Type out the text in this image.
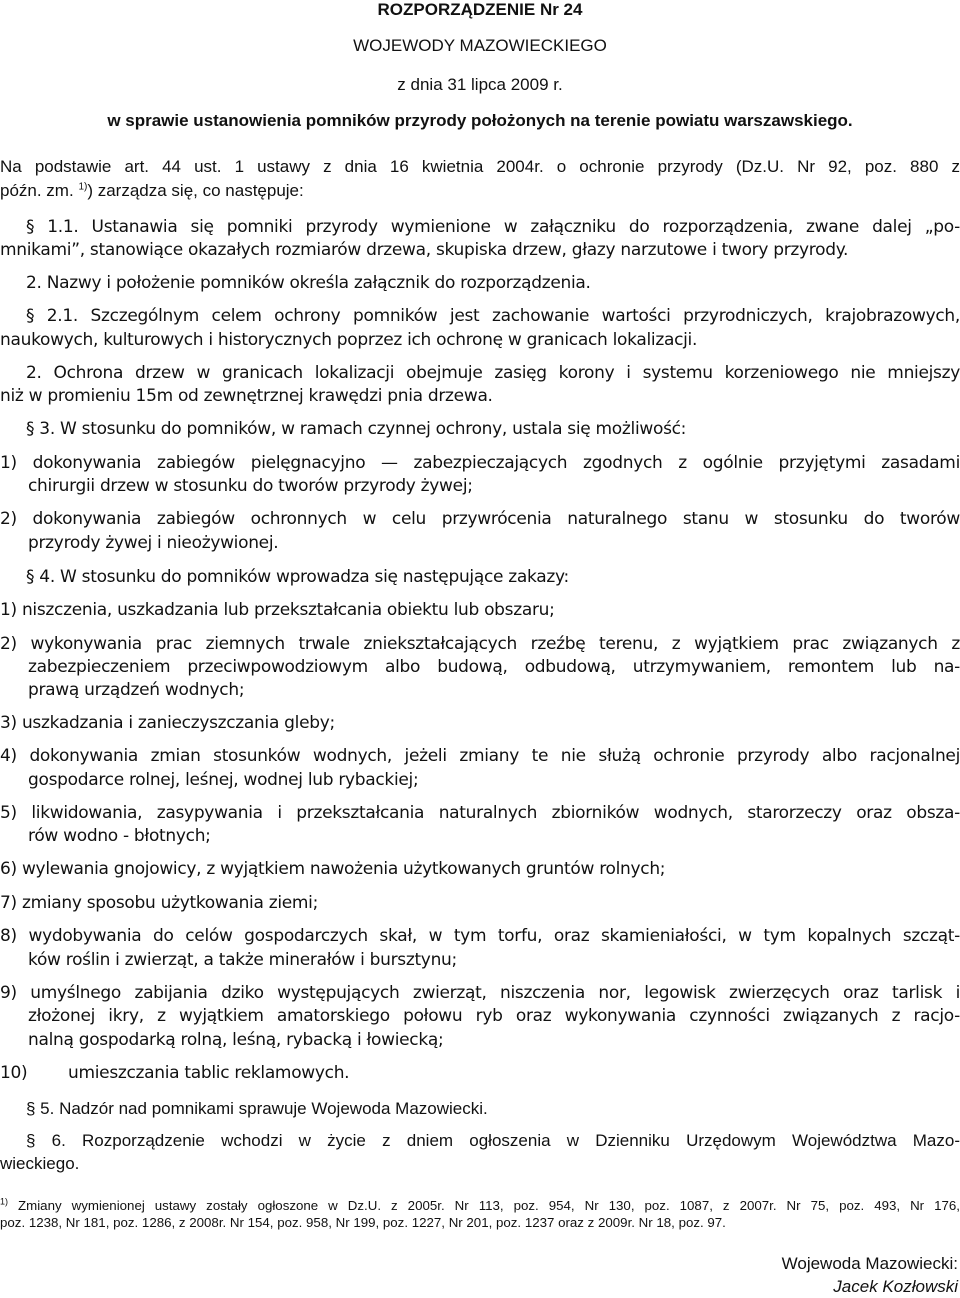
ROZPORZĄDZENIE Nr 24
WOJEWODY MAZOWIECKIEGO
z dnia 31 lipca 2009 r.
w sprawie ustanowienia pomników przyrody położonych na terenie powiatu warszawskiego.
Na podstawie art. 44 ust. 1 ustawy z dnia 16 kwietnia 2004r. o ochronie przyrody (Dz.U. Nr 92, poz. 880 z
późn. zm. $^{1)}$) zarządza się, co następuje:
§ 1.1. Ustanawia się pomniki przyrody wymienione w załączniku do rozporządzenia, zwane dalej „po-
mnikami”, stanowiące okazałych rozmiarów drzewa, skupiska drzew, głazy narzutowe i twory przyrody.
2. Nazwy i położenie pomników określa załącznik do rozporządzenia.
§ 2.1. Szczególnym celem ochrony pomników jest zachowanie wartości przyrodniczych, krajobrazowych,
naukowych, kulturowych i historycznych poprzez ich ochronę w granicach lokalizacji.
2. Ochrona drzew w granicach lokalizacji obejmuje zasięg korony i systemu korzeniowego nie mniejszy
niż w promieniu 15m od zewnętrznej krawędzi pnia drzewa.
§ 3. W stosunku do pomników, w ramach czynnej ochrony, ustala się możliwość:
1) dokonywania zabiegów pielęgnacyjno — zabezpieczających zgodnych z ogólnie przyjętymi zasadami
chirurgii drzew w stosunku do tworów przyrody żywej;
2) dokonywania zabiegów ochronnych w celu przywrócenia naturalnego stanu w stosunku do tworów
przyrody żywej i nieożywionej.
§ 4. W stosunku do pomników wprowadza się następujące zakazy:
1) niszczenia, uszkadzania lub przekształcania obiektu lub obszaru;
2) wykonywania prac ziemnych trwale zniekształcających rzeźbę terenu, z wyjątkiem prac związanych z
zabezpieczeniem przeciwpowodziowym albo budową, odbudową, utrzymywaniem, remontem lub na-
prawą urządzeń wodnych;
3) uszkadzania i zanieczyszczania gleby;
4) dokonywania zmian stosunków wodnych, jeżeli zmiany te nie służą ochronie przyrody albo racjonalnej
gospodarce rolnej, leśnej, wodnej lub rybackiej;
5) likwidowania, zasypywania i przekształcania naturalnych zbiorników wodnych, starorzeczy oraz obsza-
rów wodno - błotnych;
6) wylewania gnojowicy, z wyjątkiem nawożenia użytkowanych gruntów rolnych;
7) zmiany sposobu użytkowania ziemi;
8) wydobywania do celów gospodarczych skał, w tym torfu, oraz skamieniałości, w tym kopalnych szcząt-
ków roślin i zwierząt, a także minerałów i bursztynu;
9) umyślnego zabijania dziko występujących zwierząt, niszczenia nor, legowisk zwierzęcych oraz tarlisk i
złożonej ikry, z wyjątkiem amatorskiego połowu ryb oraz wykonywania czynności związanych z racjo-
nalną gospodarką rolną, leśną, rybacką i łowiecką;
10)	umieszczania tablic reklamowych.
§ 5. Nadzór nad pomnikami sprawuje Wojewoda Mazowiecki.
§ 6. Rozporządzenie wchodzi w życie z dniem ogłoszenia w Dzienniku Urzędowym Województwa Mazo-
wieckiego.
$^{1)}$ Zmiany wymienionej ustawy zostały ogłoszone w Dz.U. z 2005r. Nr 113, poz. 954, Nr 130, poz. 1087, z 2007r. Nr 75, poz. 493, Nr 176,
poz. 1238, Nr 181, poz. 1286, z 2008r. Nr 154, poz. 958, Nr 199, poz. 1227, Nr 201, poz. 1237 oraz z 2009r. Nr 18, poz. 97.
Wojewoda Mazowiecki:
Jacek Kozłowski
